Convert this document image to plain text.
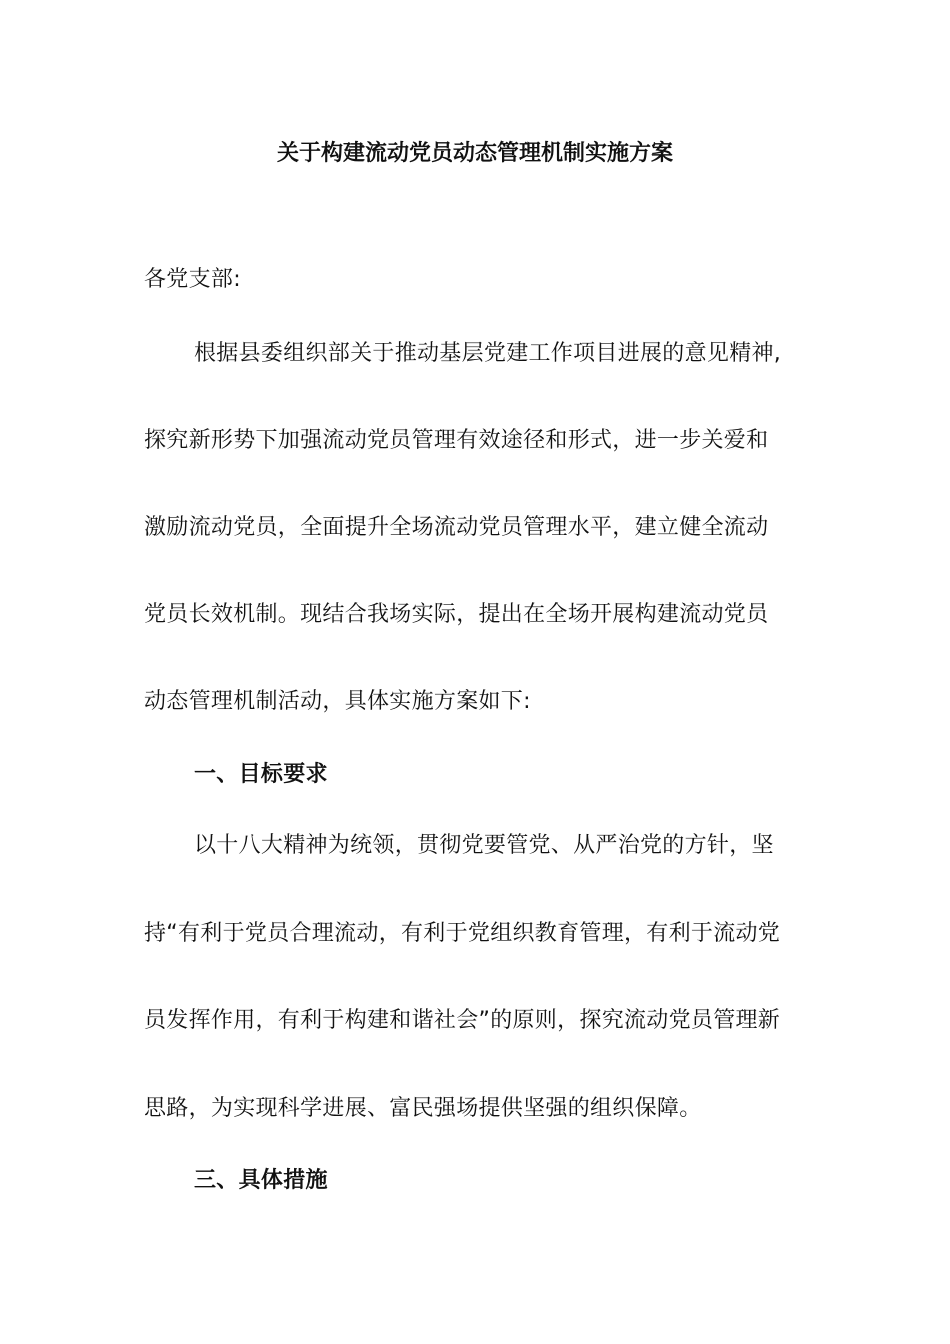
关于构建流动党员动态管理机制实施方案
各党支部:
根据县委组织部关于推动基层党建工作项目进展的意见精神,
探究新形势下加强流动党员管理有效途径和形式，进一步关爱和
激励流动党员，全面提升全场流动党员管理水平，建立健全流动
党员长效机制。现结合我场实际，提出在全场开展构建流动党员
动态管理机制活动，具体实施方案如下:
一、目标要求
以十八大精神为统领，贯彻党要管党、从严治党的方针，坚
持“有利于党员合理流动，有利于党组织教育管理，有利于流动党
员发挥作用，有利于构建和谐社会”的原则，探究流动党员管理新
思路，为实现科学进展、富民强场提供坚强的组织保障。
三、具体措施
